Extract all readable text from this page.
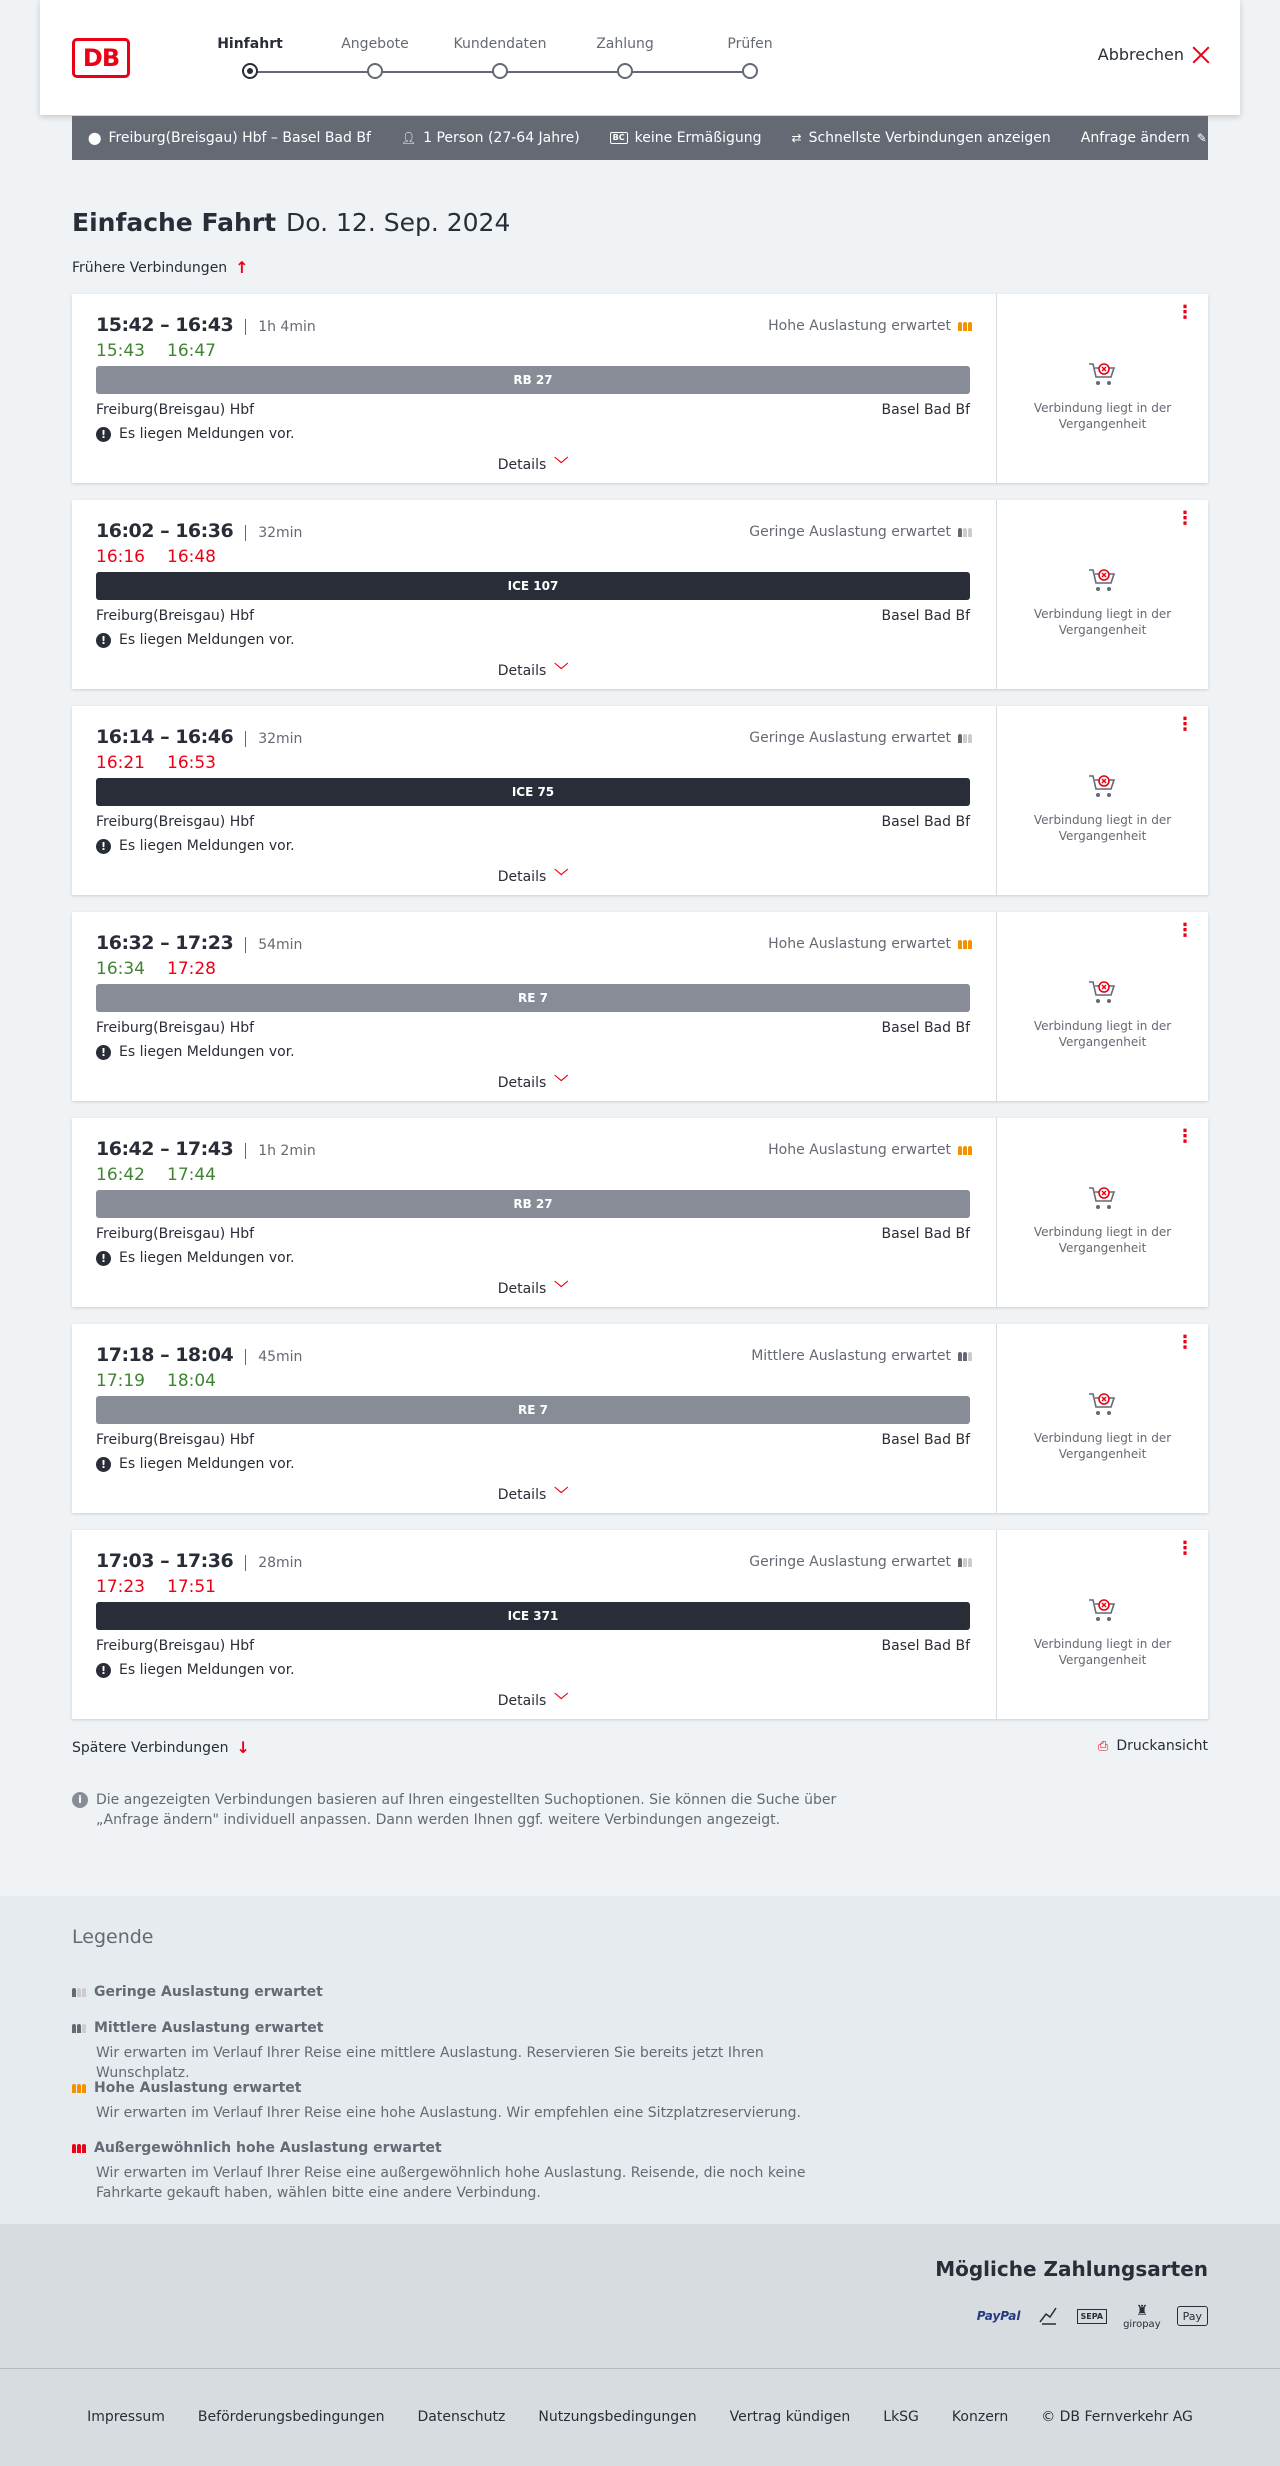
DB	Hinfahrt	Angebote	Kundendaten	Zahlung	Prüfen
Abbrechen
⬤ Freiburg(Breisgau) Hbf – Basel Bad Bf	👤︎ 1 Person (27-64 Jahre)	BC keine Ermäßigung	⇄ Schnellste Verbindungen anzeigen Anfrage ändern ✎
Einfache Fahrt Do. 12. Sep. 2024
Frühere Verbindungen ↑
15:42 – 16:43 1h 4min
15:43 16:47
Hohe Auslastung erwartet
RB 27
Freiburg(Breisgau) Hbf	Basel Bad Bf
! Es liegen Meldungen vor.
Details ﹀
⋮
Verbindung liegt in der Vergangenheit
16:02 – 16:36 32min
16:16 16:48
Geringe Auslastung erwartet
ICE 107
Freiburg(Breisgau) Hbf	Basel Bad Bf
! Es liegen Meldungen vor.
Details ﹀
⋮
Verbindung liegt in der Vergangenheit
16:14 – 16:46 32min
16:21 16:53
Geringe Auslastung erwartet
ICE 75
Freiburg(Breisgau) Hbf	Basel Bad Bf
! Es liegen Meldungen vor.
Details ﹀
⋮
Verbindung liegt in der Vergangenheit
16:32 – 17:23 54min
16:34 17:28
Hohe Auslastung erwartet
RE 7
Freiburg(Breisgau) Hbf	Basel Bad Bf
! Es liegen Meldungen vor.
Details ﹀
⋮
Verbindung liegt in der Vergangenheit
16:42 – 17:43 1h 2min
16:42 17:44
Hohe Auslastung erwartet
RB 27
Freiburg(Breisgau) Hbf	Basel Bad Bf
! Es liegen Meldungen vor.
Details ﹀
⋮
Verbindung liegt in der Vergangenheit
17:18 – 18:04 45min
17:19 18:04
Mittlere Auslastung erwartet
RE 7
Freiburg(Breisgau) Hbf	Basel Bad Bf
! Es liegen Meldungen vor.
Details ﹀
⋮
Verbindung liegt in der Vergangenheit
17:03 – 17:36 28min
17:23 17:51
Geringe Auslastung erwartet
ICE 371
Freiburg(Breisgau) Hbf	Basel Bad Bf
! Es liegen Meldungen vor.
Details ﹀
⋮
Verbindung liegt in der Vergangenheit
Spätere Verbindungen ↓	⎙ Druckansicht
i	Die angezeigten Verbindungen basieren auf Ihren eingestellten Suchoptionen. Sie können die Suche über „Anfrage ändern" individuell anpassen. Dann werden Ihnen ggf. weitere Verbindungen angezeigt.
Legende
Geringe Auslastung erwartet
Mittlere Auslastung erwartet
Wir erwarten im Verlauf Ihrer Reise eine mittlere Auslastung. Reservieren Sie bereits jetzt Ihren Wunschplatz.
Hohe Auslastung erwartet
Wir erwarten im Verlauf Ihrer Reise eine hohe Auslastung. Wir empfehlen eine Sitzplatzreservierung.
Außergewöhnlich hohe Auslastung erwartet
Wir erwarten im Verlauf Ihrer Reise eine außergewöhnlich hohe Auslastung. Reisende, die noch keine Fahrkarte gekauft haben, wählen bitte eine andere Verbindung.
Mögliche Zahlungsarten
PayPal	SEPA ♜
giropay
Pay
Impressum Beförderungsbedingungen Datenschutz Nutzungsbedingungen Vertrag kündigen LkSG Konzern © DB Fernverkehr AG
